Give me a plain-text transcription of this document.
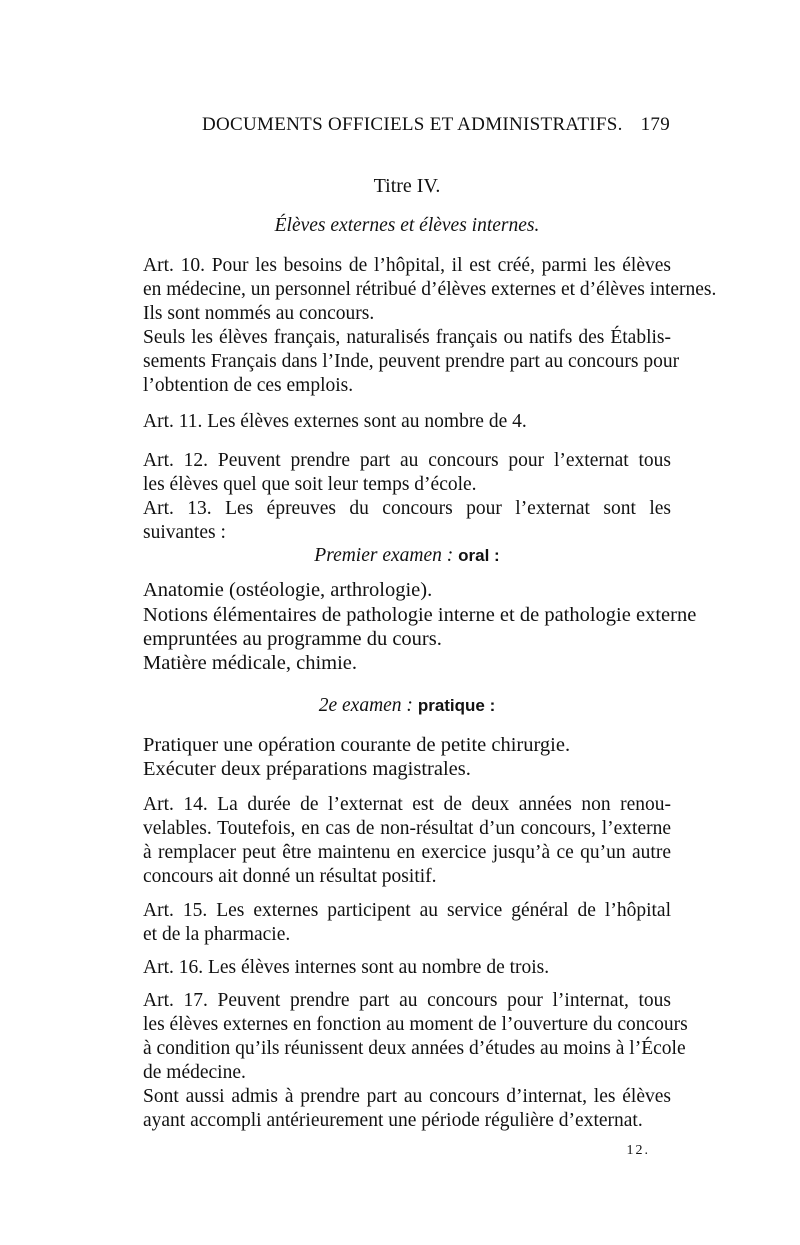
DOCUMENTS OFFICIELS ET ADMINISTRATIFS. 179
Titre IV.
Élèves externes et élèves internes.
Art. 10. Pour les besoins de l’hôpital, il est créé, parmi les élèves
en médecine, un personnel rétribué d’élèves externes et d’élèves internes.
Ils sont nommés au concours.
Seuls les élèves français, naturalisés français ou natifs des Établis-
sements Français dans l’Inde, peuvent prendre part au concours pour
l’obtention de ces emplois.
Art. 11. Les élèves externes sont au nombre de 4.
Art. 12. Peuvent prendre part au concours pour l’externat tous
les élèves quel que soit leur temps d’école.
Art. 13. Les épreuves du concours pour l’externat sont les
suivantes :
Premier examen : oral :
Anatomie (ostéologie, arthrologie).
Notions élémentaires de pathologie interne et de pathologie externe
empruntées au programme du cours.
Matière médicale, chimie.
2e examen : pratique :
Pratiquer une opération courante de petite chirurgie.
Exécuter deux préparations magistrales.
Art. 14. La durée de l’externat est de deux années non renou-
velables. Toutefois, en cas de non-résultat d’un concours, l’externe
à remplacer peut être maintenu en exercice jusqu’à ce qu’un autre
concours ait donné un résultat positif.
Art. 15. Les externes participent au service général de l’hôpital
et de la pharmacie.
Art. 16. Les élèves internes sont au nombre de trois.
Art. 17. Peuvent prendre part au concours pour l’internat, tous
les élèves externes en fonction au moment de l’ouverture du concours
à condition qu’ils réunissent deux années d’études au moins à l’École
de médecine.
Sont aussi admis à prendre part au concours d’internat, les élèves
ayant accompli antérieurement une période régulière d’externat.
12.
